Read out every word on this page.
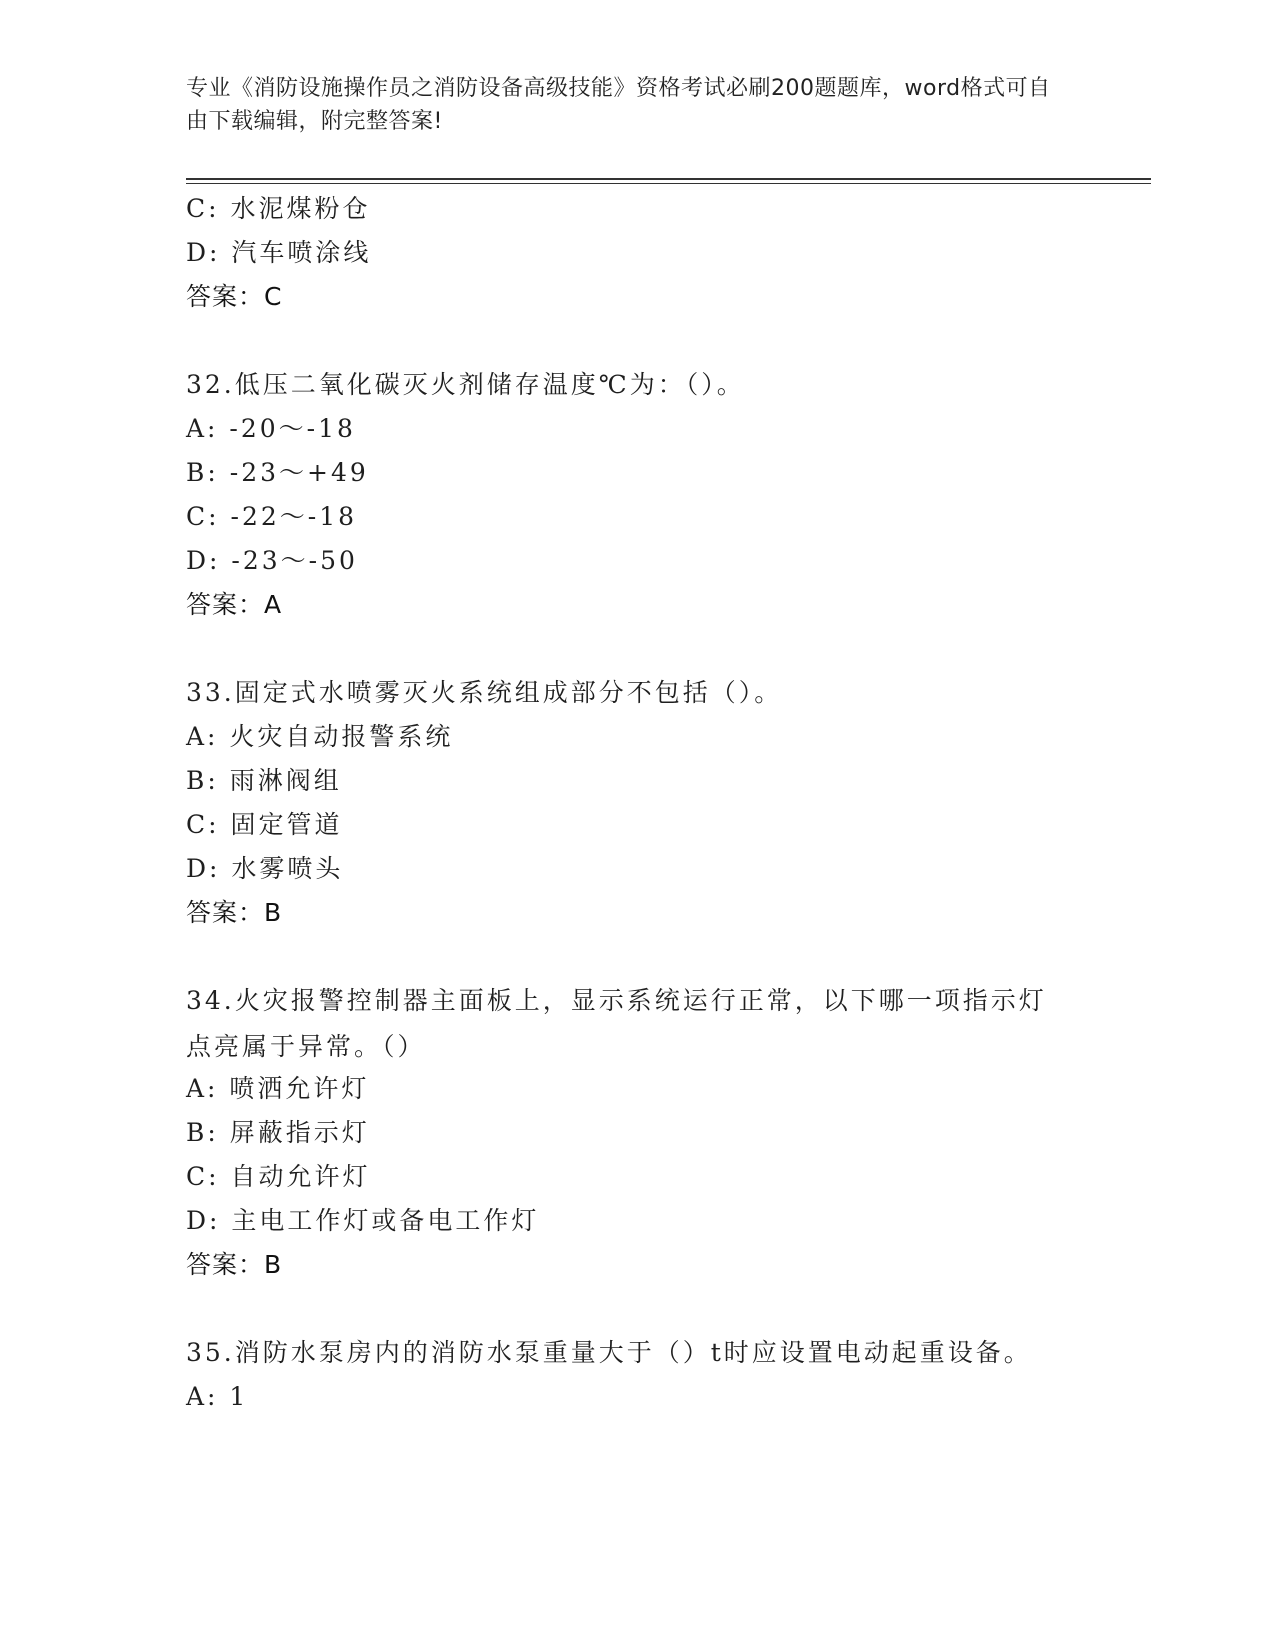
专业《消防设施操作员之消防设备高级技能》资格考试必刷200题题库，word格式可自由下载编辑，附完整答案!
C: 水泥煤粉仓
D: 汽车喷涂线
答案：C
32.低压二氧化碳灭火剂储存温度℃为：（）。
A: -20～-18
B: -23～+49
C: -22～-18
D: -23～-50
答案：A
33.固定式水喷雾灭火系统组成部分不包括（）。
A: 火灾自动报警系统
B: 雨淋阀组
C: 固定管道
D: 水雾喷头
答案：B
34.火灾报警控制器主面板上，显示系统运行正常，以下哪一项指示灯点亮属于异常。（）
A: 喷洒允许灯
B: 屏蔽指示灯
C: 自动允许灯
D: 主电工作灯或备电工作灯
答案：B
35.消防水泵房内的消防水泵重量大于（）t时应设置电动起重设备。
A: 1
